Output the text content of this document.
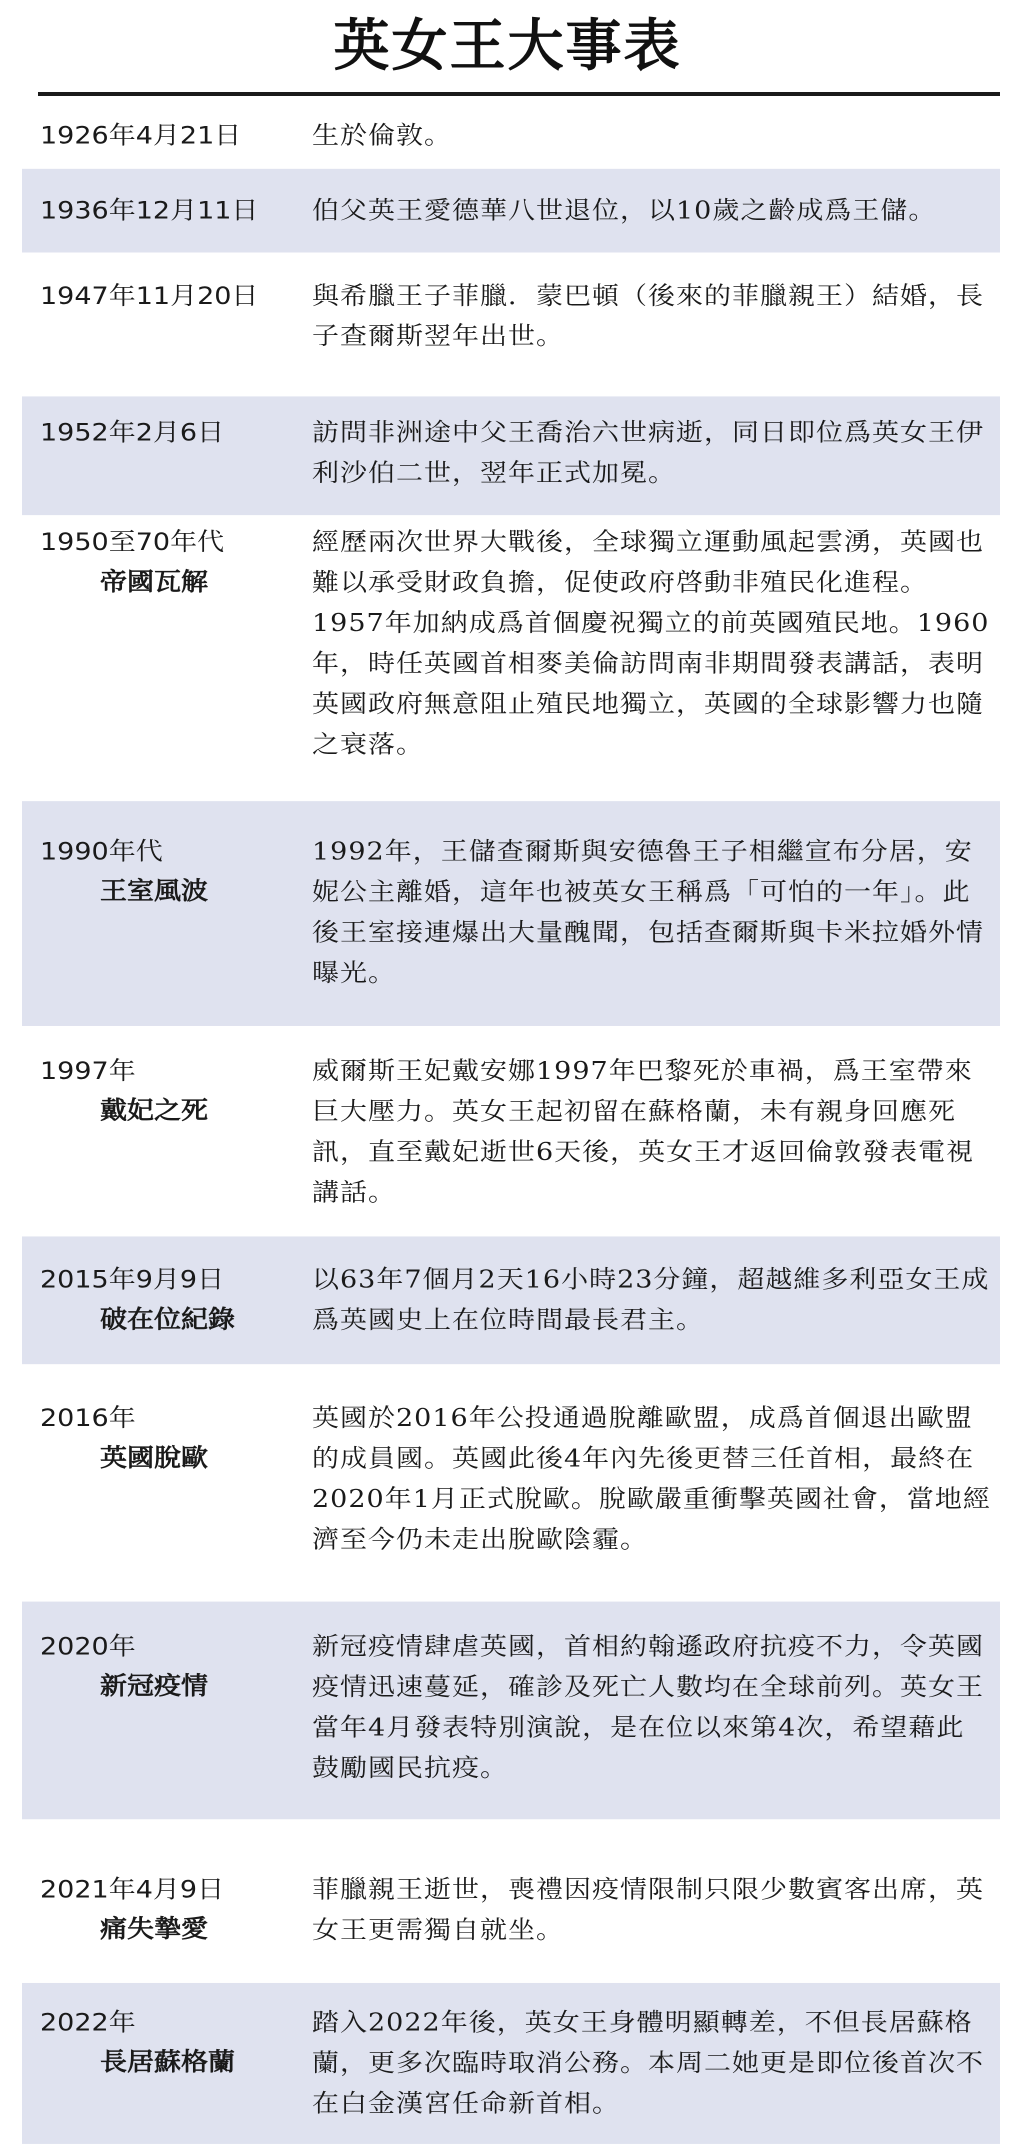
英女王大事表
1926年4月21日	生於倫敦。
1936年12月11日 伯父英王愛德華八世退位，以10歲之齡成爲王儲。
1947年11月20日 與希臘王子菲臘．蒙巴頓（後來的菲臘親王）結婚，長子查爾斯翌年出世。
1952年2月6日	訪問非洲途中父王喬治六世病逝，同日即位爲英女王伊利沙伯二世，翌年正式加冕。
1950至70年代
帝國瓦解
經歷兩次世界大戰後，全球獨立運動風起雲湧，英國也難以承受財政負擔，促使政府啓動非殖民化進程。1957年加納成爲首個慶祝獨立的前英國殖民地。1960年，時任英國首相麥美倫訪問南非期間發表講話，表明英國政府無意阻止殖民地獨立，英國的全球影響力也隨之衰落。
1990年代
王室風波
1992年，王儲查爾斯與安德魯王子相繼宣布分居，安妮公主離婚，這年也被英女王稱爲「可怕的一年」。此後王室接連爆出大量醜聞，包括查爾斯與卡米拉婚外情曝光。
1997年
戴妃之死
威爾斯王妃戴安娜1997年巴黎死於車禍，爲王室帶來巨大壓力。英女王起初留在蘇格蘭，未有親身回應死訊，直至戴妃逝世6天後，英女王才返回倫敦發表電視講話。
2015年9月9日
破在位紀錄
以63年7個月2天16小時23分鐘，超越維多利亞女王成爲英國史上在位時間最長君主。
2016年
英國脫歐
英國於2016年公投通過脫離歐盟，成爲首個退出歐盟的成員國。英國此後4年內先後更替三任首相，最終在2020年1月正式脫歐。脫歐嚴重衝擊英國社會，當地經濟至今仍未走出脫歐陰霾。
2020年
新冠疫情
新冠疫情肆虐英國，首相約翰遜政府抗疫不力，令英國疫情迅速蔓延，確診及死亡人數均在全球前列。英女王當年4月發表特別演說，是在位以來第4次，希望藉此鼓勵國民抗疫。
2021年4月9日
痛失摯愛
菲臘親王逝世，喪禮因疫情限制只限少數賓客出席，英女王更需獨自就坐。
2022年
長居蘇格蘭
踏入2022年後，英女王身體明顯轉差，不但長居蘇格蘭，更多次臨時取消公務。本周二她更是即位後首次不在白金漢宮任命新首相。
